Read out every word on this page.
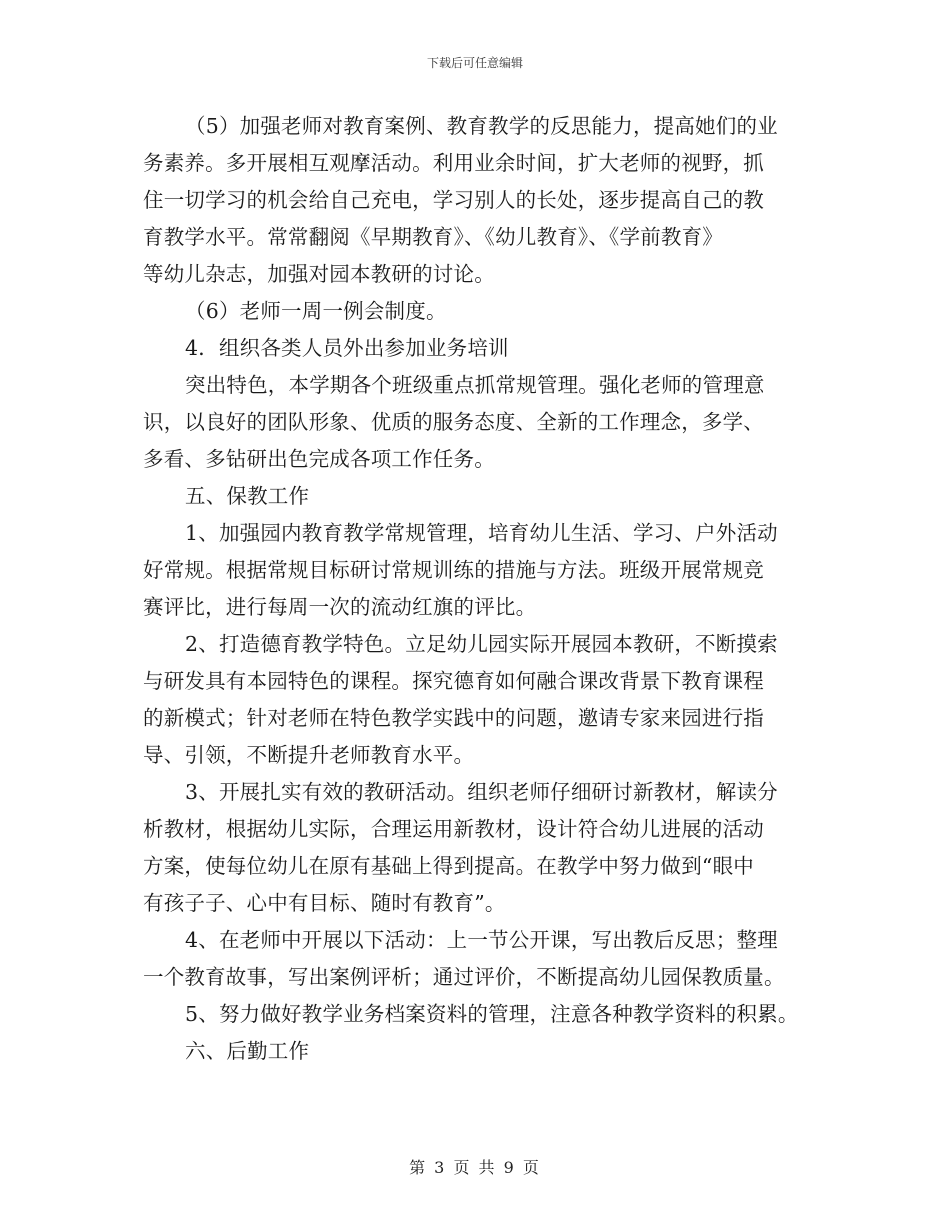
下载后可任意编辑
（5）加强老师对教育案例、教育教学的反思能力，提高她们的业
务素养。多开展相互观摩活动。利用业余时间，扩大老师的视野，抓
住一切学习的机会给自己充电，学习别人的长处，逐步提高自己的教
育教学水平。常常翻阅《早期教育》、《幼儿教育》、《学前教育》
等幼儿杂志，加强对园本教研的讨论。
（6）老师一周一例会制度。
4．组织各类人员外出参加业务培训
突出特色，本学期各个班级重点抓常规管理。强化老师的管理意
识，以良好的团队形象、优质的服务态度、全新的工作理念，多学、
多看、多钻研出色完成各项工作任务。
五、保教工作
1、加强园内教育教学常规管理，培育幼儿生活、学习、户外活动
好常规。根据常规目标研讨常规训练的措施与方法。班级开展常规竞
赛评比，进行每周一次的流动红旗的评比。
2、打造德育教学特色。立足幼儿园实际开展园本教研，不断摸索
与研发具有本园特色的课程。探究德育如何融合课改背景下教育课程
的新模式；针对老师在特色教学实践中的问题，邀请专家来园进行指
导、引领，不断提升老师教育水平。
3、开展扎实有效的教研活动。组织老师仔细研讨新教材，解读分
析教材，根据幼儿实际，合理运用新教材，设计符合幼儿进展的活动
方案，使每位幼儿在原有基础上得到提高。在教学中努力做到“眼中
有孩子子、心中有目标、随时有教育”。
4、在老师中开展以下活动：上一节公开课，写出教后反思；整理
一个教育故事，写出案例评析；通过评价，不断提高幼儿园保教质量。
5、努力做好教学业务档案资料的管理，注意各种教学资料的积累。
六、后勤工作
第 3 页 共 9 页
